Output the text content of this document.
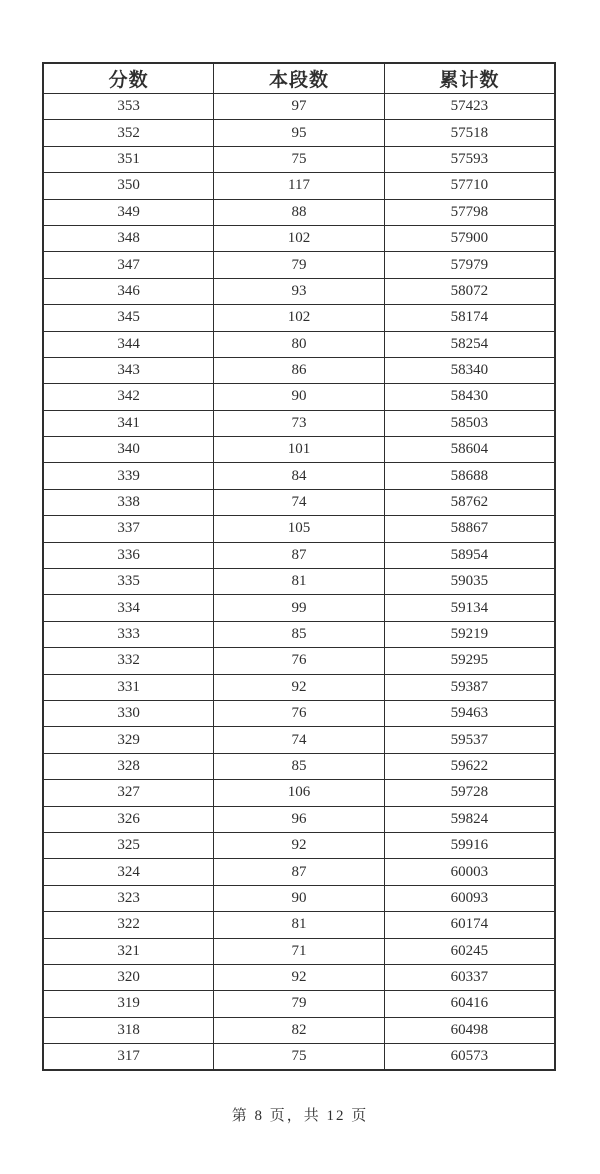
分数	本段数	累计数
353	97	57423
352	95	57518
351	75	57593
350	117	57710
349	88	57798
348	102	57900
347	79	57979
346	93	58072
345	102	58174
344	80	58254
343	86	58340
342	90	58430
341	73	58503
340	101	58604
339	84	58688
338	74	58762
337	105	58867
336	87	58954
335	81	59035
334	99	59134
333	85	59219
332	76	59295
331	92	59387
330	76	59463
329	74	59537
328	85	59622
327	106	59728
326	96	59824
325	92	59916
324	87	60003
323	90	60093
322	81	60174
321	71	60245
320	92	60337
319	79	60416
318	82	60498
317	75	60573
第 8 页，共 12 页
